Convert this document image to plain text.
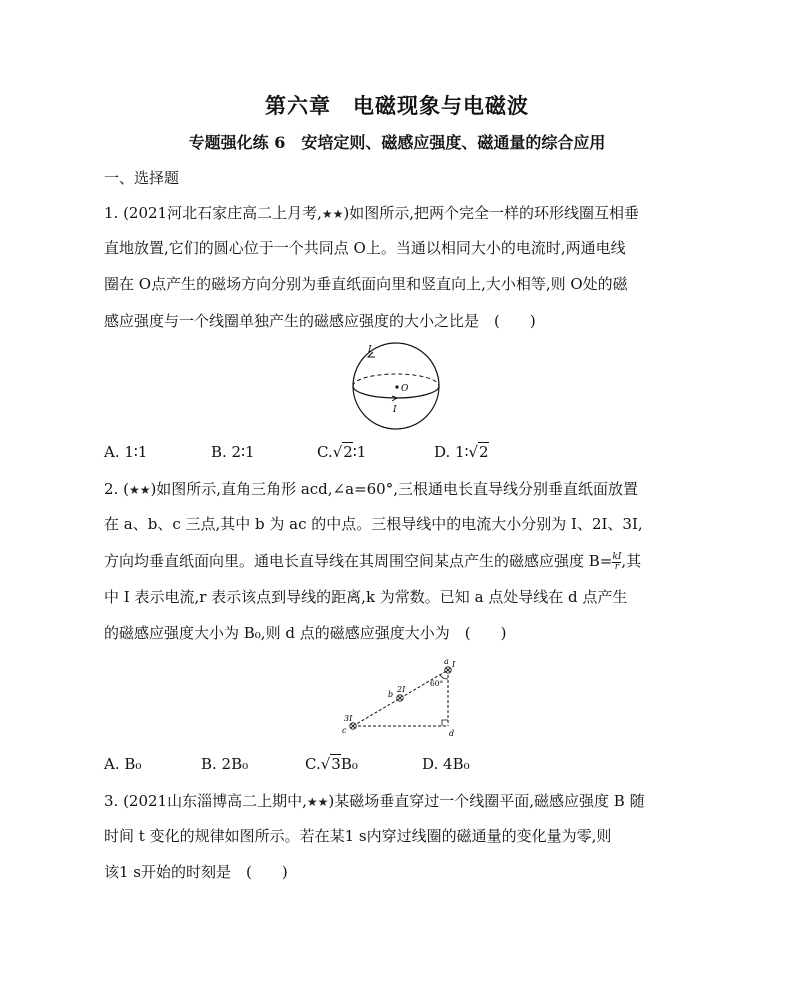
第六章　电磁现象与电磁波
专题强化练 6　安培定则、磁感应强度、磁通量的综合应用
一、选择题
1. (2021河北石家庄高二上月考,★★)如图所示,把两个完全一样的环形线圈互相垂
直地放置,它们的圆心位于一个共同点 O上。当通以相同大小的电流时,两通电线
圈在 O点产生的磁场方向分别为垂直纸面向里和竖直向上,大小相等,则 O处的磁
感应强度与一个线圈单独产生的磁感应强度的大小之比是　(　　)
I
O
I
A. 1∶1	B. 2∶1	C.√2∶1	D. 1∶√2
2. (★★)如图所示,直角三角形 acd,∠a=60°,三根通电长直导线分别垂直纸面放置
在 a、b、c 三点,其中 b 为 ac 的中点。三根导线中的电流大小分别为 I、2I、3I,
方向均垂直纸面向里。通电长直导线在其周围空间某点产生的磁感应强度 $B= \frac{kI}{r}$ ,其
中 I 表示电流,r 表示该点到导线的距离,k 为常数。已知 a 点处导线在 d 点产生
的磁感应强度大小为 B₀,则 d 点的磁感应强度大小为　(　　)
a I
60°
b
2I
c
3I
d
A. B₀	B. 2B₀	C.√3B₀	D. 4B₀
3. (2021山东淄博高二上期中,★★)某磁场垂直穿过一个线圈平面,磁感应强度 B 随
时间 t 变化的规律如图所示。若在某1 s内穿过线圈的磁通量的变化量为零,则
该1 s开始的时刻是　(　　)
